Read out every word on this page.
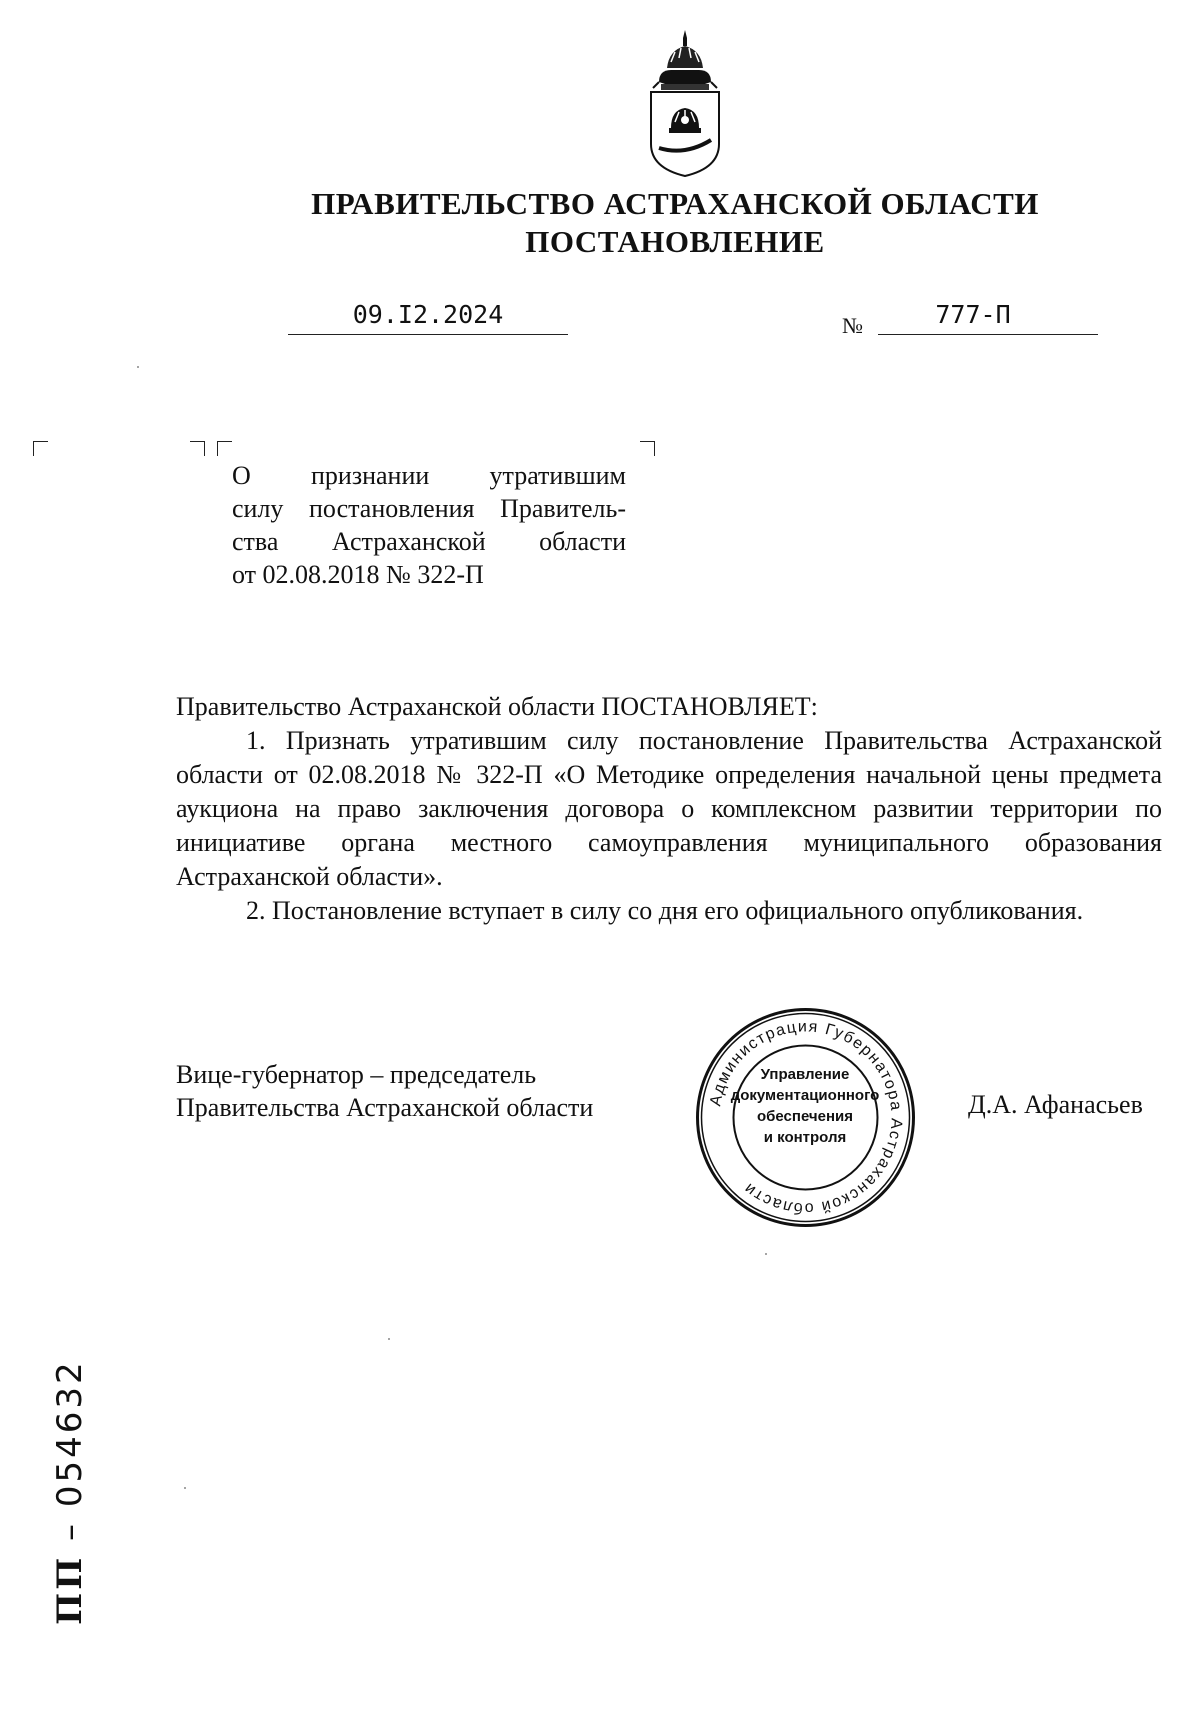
ПРАВИТЕЛЬСТВО АСТРАХАНСКОЙ ОБЛАСТИ
ПОСТАНОВЛЕНИЕ
09.I2.2024	№	777-П
О признании утратившим
силу постановления Правитель-
ства Астраханской области
от 02.08.2018 № 322-П

Правительство Астраханской области ПОСТАНОВЛЯЕТ:

1. Признать утратившим силу постановление Правительства Астраханской области от 02.08.2018 № 322-П «О Методике определения начальной цены предмета аукциона на право заключения договора о комплексном развитии территории по инициативе органа местного самоуправления муниципального образования Астраханской области».

2. Постановление вступает в силу со дня его официального опубликования.

Вице-губернатор – председатель
Правительства Астраханской области	Д.А. Афанасьев
Администрация Губернатора Астраханской области
Управление
документационного
обеспечения
и контроля
ПП – 054632
